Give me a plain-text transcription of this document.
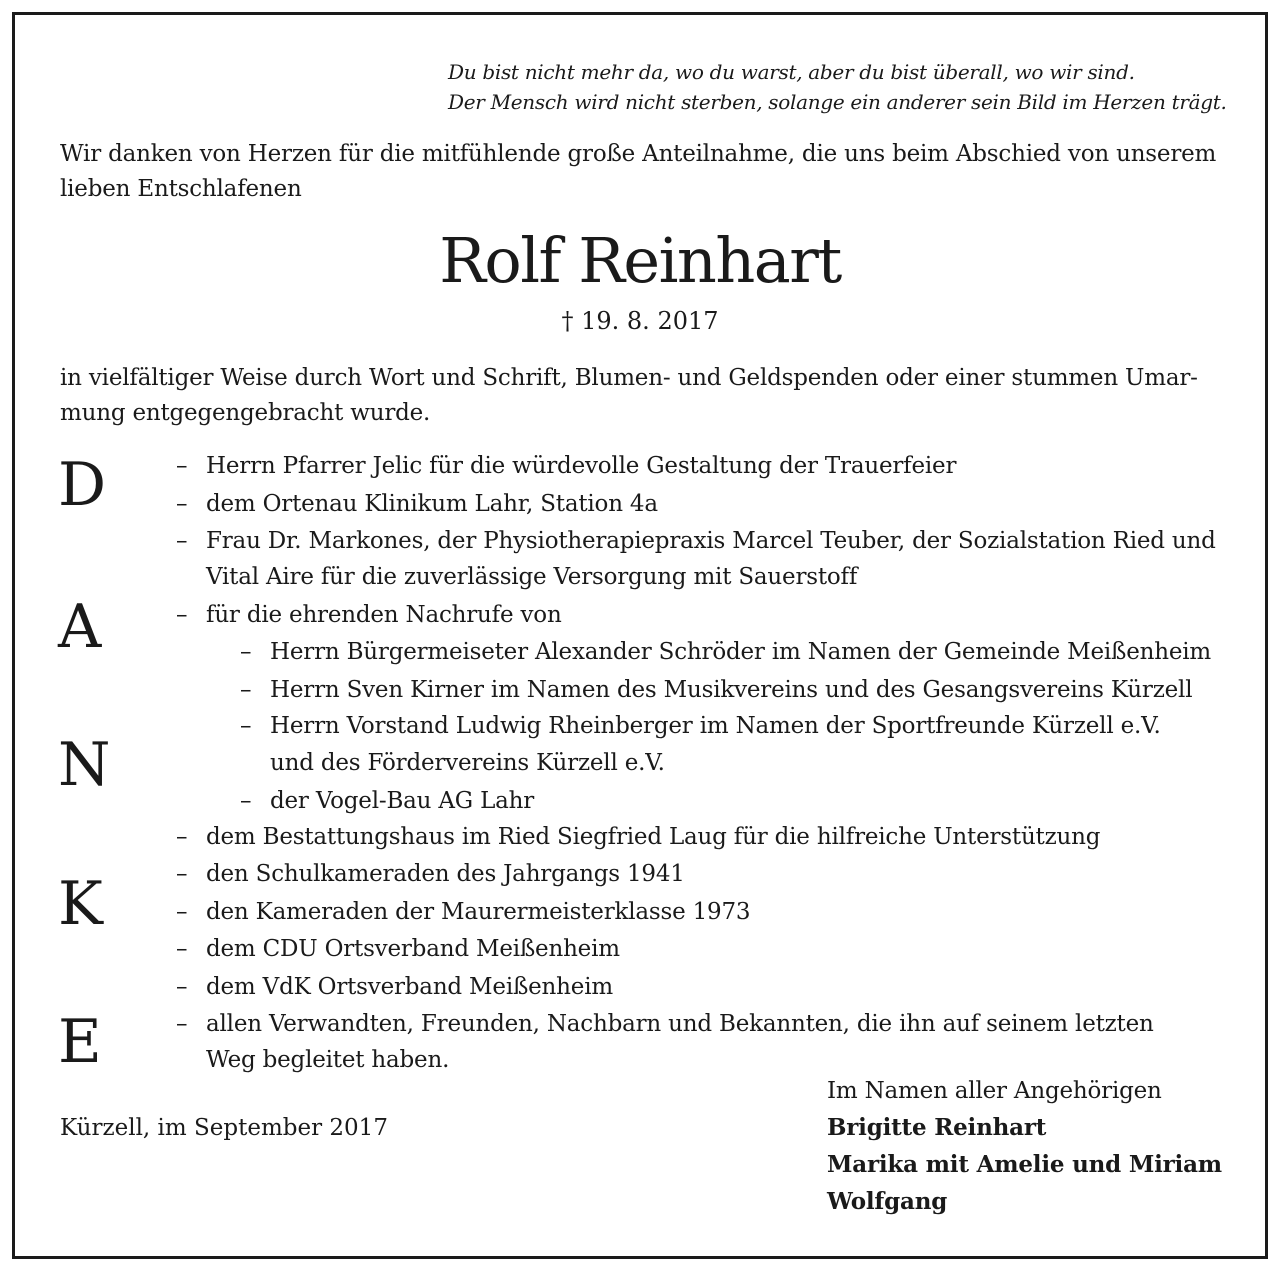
Du bist nicht mehr da, wo du warst, aber du bist überall, wo wir sind.
Der Mensch wird nicht sterben, solange ein anderer sein Bild im Herzen trägt.
Wir danken von Herzen für die mitfühlende große Anteilnahme, die uns beim Abschied von unserem
lieben Entschlafenen
Rolf Reinhart
† 19. 8. 2017
in vielfältiger Weise durch Wort und Schrift, Blumen- und Geldspenden oder einer stummen Umar-
mung entgegengebracht wurde.
D
A
N
K
E
– Herrn Pfarrer Jelic für die würdevolle Gestaltung der Trauerfeier
– dem Ortenau Klinikum Lahr, Station 4a
– Frau Dr. Markones, der Physiotherapiepraxis Marcel Teuber, der Sozialstation Ried und
Vital Aire für die zuverlässige Versorgung mit Sauerstoff
– für die ehrenden Nachrufe von
– Herrn Bürgermeiseter Alexander Schröder im Namen der Gemeinde Meißenheim
– Herrn Sven Kirner im Namen des Musikvereins und des Gesangsvereins Kürzell
– Herrn Vorstand Ludwig Rheinberger im Namen der Sportfreunde Kürzell e.V.
und des Fördervereins Kürzell e.V.
– der Vogel-Bau AG Lahr
– dem Bestattungshaus im Ried Siegfried Laug für die hilfreiche Unterstützung
– den Schulkameraden des Jahrgangs 1941
– den Kameraden der Maurermeisterklasse 1973
– dem CDU Ortsverband Meißenheim
– dem VdK Ortsverband Meißenheim
– allen Verwandten, Freunden, Nachbarn und Bekannten, die ihn auf seinem letzten
Weg begleitet haben.
Kürzell, im September 2017
Im Namen aller Angehörigen
Brigitte Reinhart
Marika mit Amelie und Miriam
Wolfgang
